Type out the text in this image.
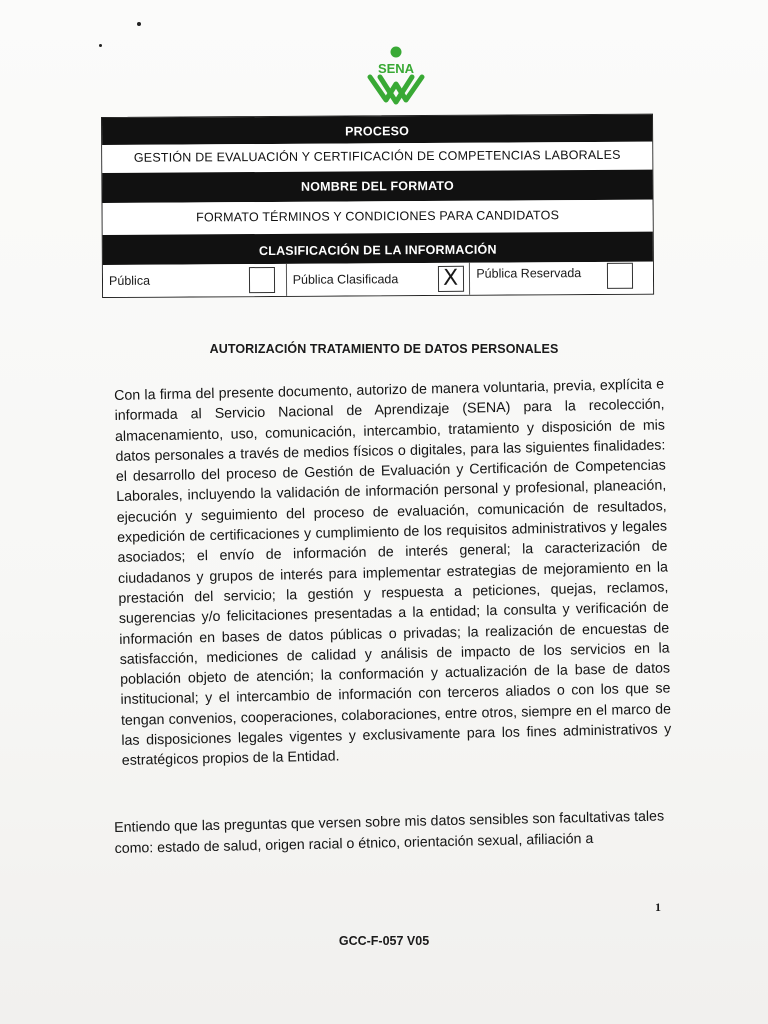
SENA
PROCESO
GESTIÓN DE EVALUACIÓN Y CERTIFICACIÓN DE COMPETENCIAS LABORALES
NOMBRE DEL FORMATO
FORMATO TÉRMINOS Y CONDICIONES PARA CANDIDATOS
CLASIFICACIÓN DE LA INFORMACIÓN
Pública	Pública Clasificada X	Pública Reservada
AUTORIZACIÓN TRATAMIENTO DE DATOS PERSONALES

Con la firma del presente documento, autorizo de manera voluntaria, previa, explícita e informada al Servicio Nacional de Aprendizaje (SENA) para la recolección, almacenamiento, uso, comunicación, intercambio, tratamiento y disposición de mis datos personales a través de medios físicos o digitales, para las siguientes finalidades: el desarrollo del proceso de Gestión de Evaluación y Certificación de Competencias Laborales, incluyendo la validación de información personal y profesional, planeación, ejecución y seguimiento del proceso de evaluación, comunicación de resultados, expedición de certificaciones y cumplimiento de los requisitos administrativos y legales asociados; el envío de información de interés general; la caracterización de ciudadanos y grupos de interés para implementar estrategias de mejoramiento en la prestación del servicio; la gestión y respuesta a peticiones, quejas, reclamos, sugerencias y/o felicitaciones presentadas a la entidad; la consulta y verificación de información en bases de datos públicas o privadas; la realización de encuestas de satisfacción, mediciones de calidad y análisis de impacto de los servicios en la población objeto de atención; la conformación y actualización de la base de datos institucional; y el intercambio de información con terceros aliados o con los que se tengan convenios, cooperaciones, colaboraciones, entre otros, siempre en el marco de las disposiciones legales vigentes y exclusivamente para los fines administrativos y estratégicos propios de la Entidad.

Entiendo que las preguntas que versen sobre mis datos sensibles son facultativas tales como: estado de salud, origen racial o étnico, orientación sexual, afiliación a

1
GCC-F-057 V05
